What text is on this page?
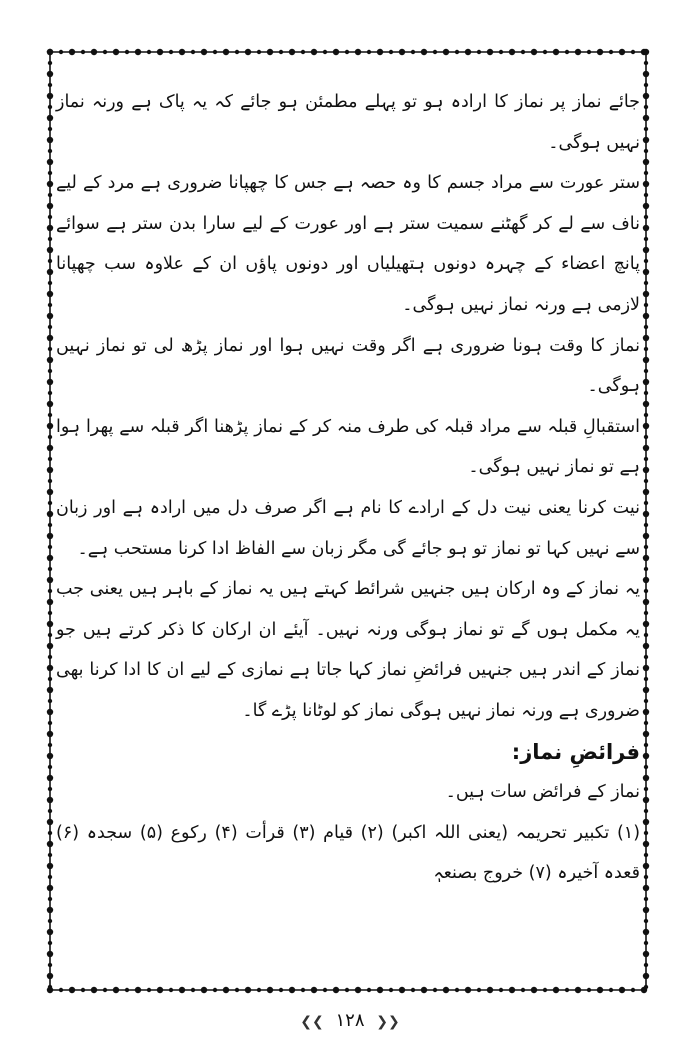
جائے نماز پر نماز کا ارادہ ہو تو پہلے مطمئن ہو جائے کہ یہ پاک ہے ورنہ نماز نہیں ہوگی۔

ستر عورت سے مراد جسم کا وہ حصہ ہے جس کا چھپانا ضروری ہے مرد کے لیے ناف سے لے کر گھٹنے سمیت ستر ہے اور عورت کے لیے سارا بدن ستر ہے سوائے پانچ اعضاء کے چہرہ دونوں ہتھیلیاں اور دونوں پاؤں ان کے علاوہ سب چھپانا لازمی ہے ورنہ نماز نہیں ہوگی۔

نماز کا وقت ہونا ضروری ہے اگر وقت نہیں ہوا اور نماز پڑھ لی تو نماز نہیں ہوگی۔

استقبالِ قبلہ سے مراد قبلہ کی طرف منہ کر کے نماز پڑھنا اگر قبلہ سے پھرا ہوا ہے تو نماز نہیں ہوگی۔

نیت کرنا یعنی نیت دل کے ارادے کا نام ہے اگر صرف دل میں ارادہ ہے اور زبان سے نہیں کہا تو نماز تو ہو جائے گی مگر زبان سے الفاظ ادا کرنا مستحب ہے۔

یہ نماز کے وہ ارکان ہیں جنہیں شرائط کہتے ہیں یہ نماز کے باہر ہیں یعنی جب یہ مکمل ہوں گے تو نماز ہوگی ورنہ نہیں۔ آیئے ان ارکان کا ذکر کرتے ہیں جو نماز کے اندر ہیں جنہیں فرائضِ نماز کہا جاتا ہے نمازی کے لیے ان کا ادا کرنا بھی ضروری ہے ورنہ نماز نہیں ہوگی نماز کو لوٹانا پڑے گا۔

فرائضِ نماز:

نماز کے فرائض سات ہیں۔

(۱) تکبیر تحریمہ (یعنی اللہ اکبر) (۲) قیام (۳) قرأت (۴) رکوع (۵) سجدہ (۶) قعدہ آخیرہ (۷) خروج بصنعہٖ

❮❮ ۱۲۸ ❯❯
